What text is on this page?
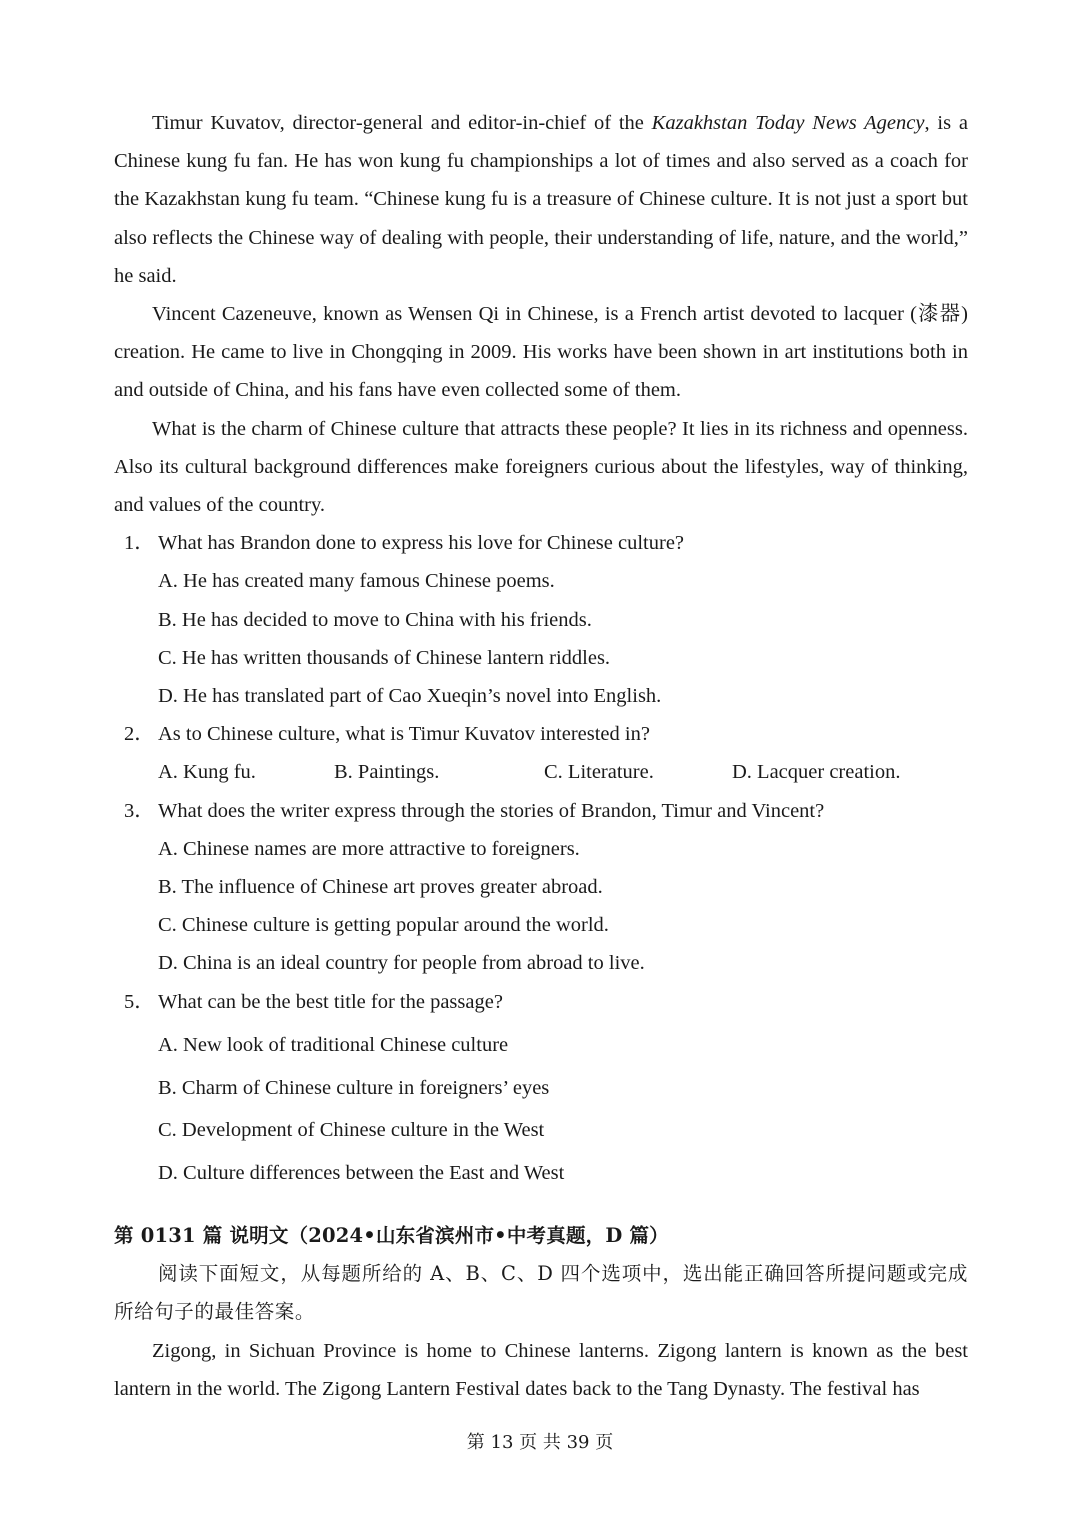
Timur Kuvatov, director-general and editor-in-chief of the Kazakhstan Today News Agency, is a Chinese kung fu fan. He has won kung fu championships a lot of times and also served as a coach for the Kazakhstan kung fu team. “Chinese kung fu is a treasure of Chinese culture. It is not just a sport but also reflects the Chinese way of dealing with people, their understanding of life, nature, and the world,” he said.

Vincent Cazeneuve, known as Wensen Qi in Chinese, is a French artist devoted to lacquer (漆器) creation. He came to live in Chongqing in 2009. His works have been shown in art institutions both in and outside of China, and his fans have even collected some of them.

What is the charm of Chinese culture that attracts these people? It lies in its richness and openness. Also its cultural background differences make foreigners curious about the lifestyles, way of thinking, and values of the country.

1． What has Brandon done to express his love for Chinese culture?

A. He has created many famous Chinese poems.

B. He has decided to move to China with his friends.

C. He has written thousands of Chinese lantern riddles.

D. He has translated part of Cao Xueqin’s novel into English.

2． As to Chinese culture, what is Timur Kuvatov interested in?
A. Kung fu.	B. Paintings.	C. Literature.	D. Lacquer creation.
3． What does the writer express through the stories of Brandon, Timur and Vincent?

A. Chinese names are more attractive to foreigners.

B. The influence of Chinese art proves greater abroad.

C. Chinese culture is getting popular around the world.

D. China is an ideal country for people from abroad to live.

5． What can be the best title for the passage?

A. New look of traditional Chinese culture

B. Charm of Chinese culture in foreigners’ eyes

C. Development of Chinese culture in the West

D. Culture differences between the East and West

第 0131 篇 说明文（2024•山东省滨州市•中考真题，D 篇）

阅读下面短文，从每题所给的 A、B、C、D 四个选项中，选出能正确回答所提问题或完成所给句子的最佳答案。

Zigong, in Sichuan Province is home to Chinese lanterns. Zigong lantern is known as the best lantern in the world. The Zigong Lantern Festival dates back to the Tang Dynasty. The festival has

第 13 页 共 39 页
